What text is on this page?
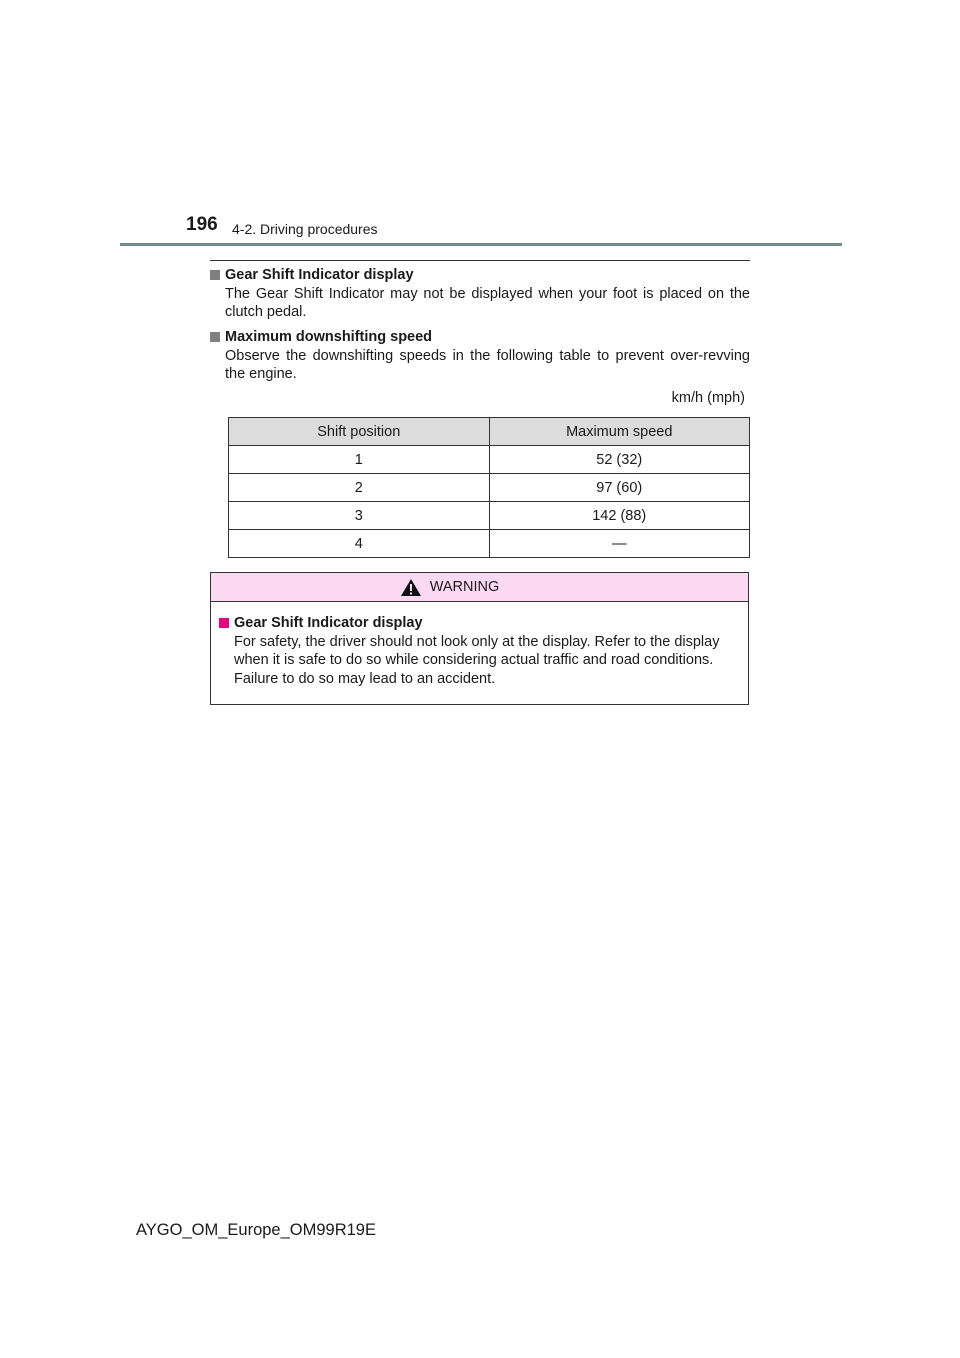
196 4-2. Driving procedures
Gear Shift Indicator display
The Gear Shift Indicator may not be displayed when your foot is placed on the clutch pedal.
Maximum downshifting speed
Observe the downshifting speeds in the following table to prevent over-revving the engine.
km/h (mph)
Shift position	Maximum speed
1	52 (32)
2	97 (60)
3	142 (88)
4	—
WARNING
Gear Shift Indicator display
For safety, the driver should not look only at the display. Refer to the display when it is safe to do so while considering actual traffic and road conditions. Failure to do so may lead to an accident.
AYGO_OM_Europe_OM99R19E
